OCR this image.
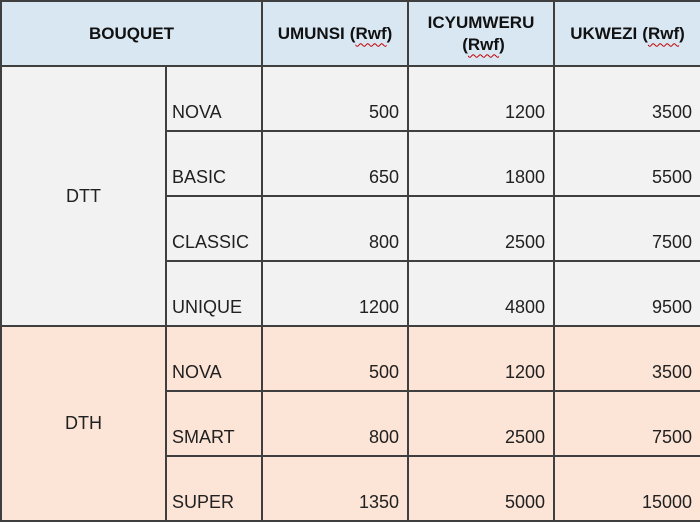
BOUQUET		UMUNSI (Rwf)	ICYUMWERU(Rwf)	UKWEZI (Rwf)
DTT	NOVA	500	1200	3500
	BASIC	650	1800	5500
	CLASSIC	800	2500	7500
	UNIQUE	1200	4800	9500
DTH	NOVA	500	1200	3500
	SMART	800	2500	7500
	SUPER	1350	5000	15000
